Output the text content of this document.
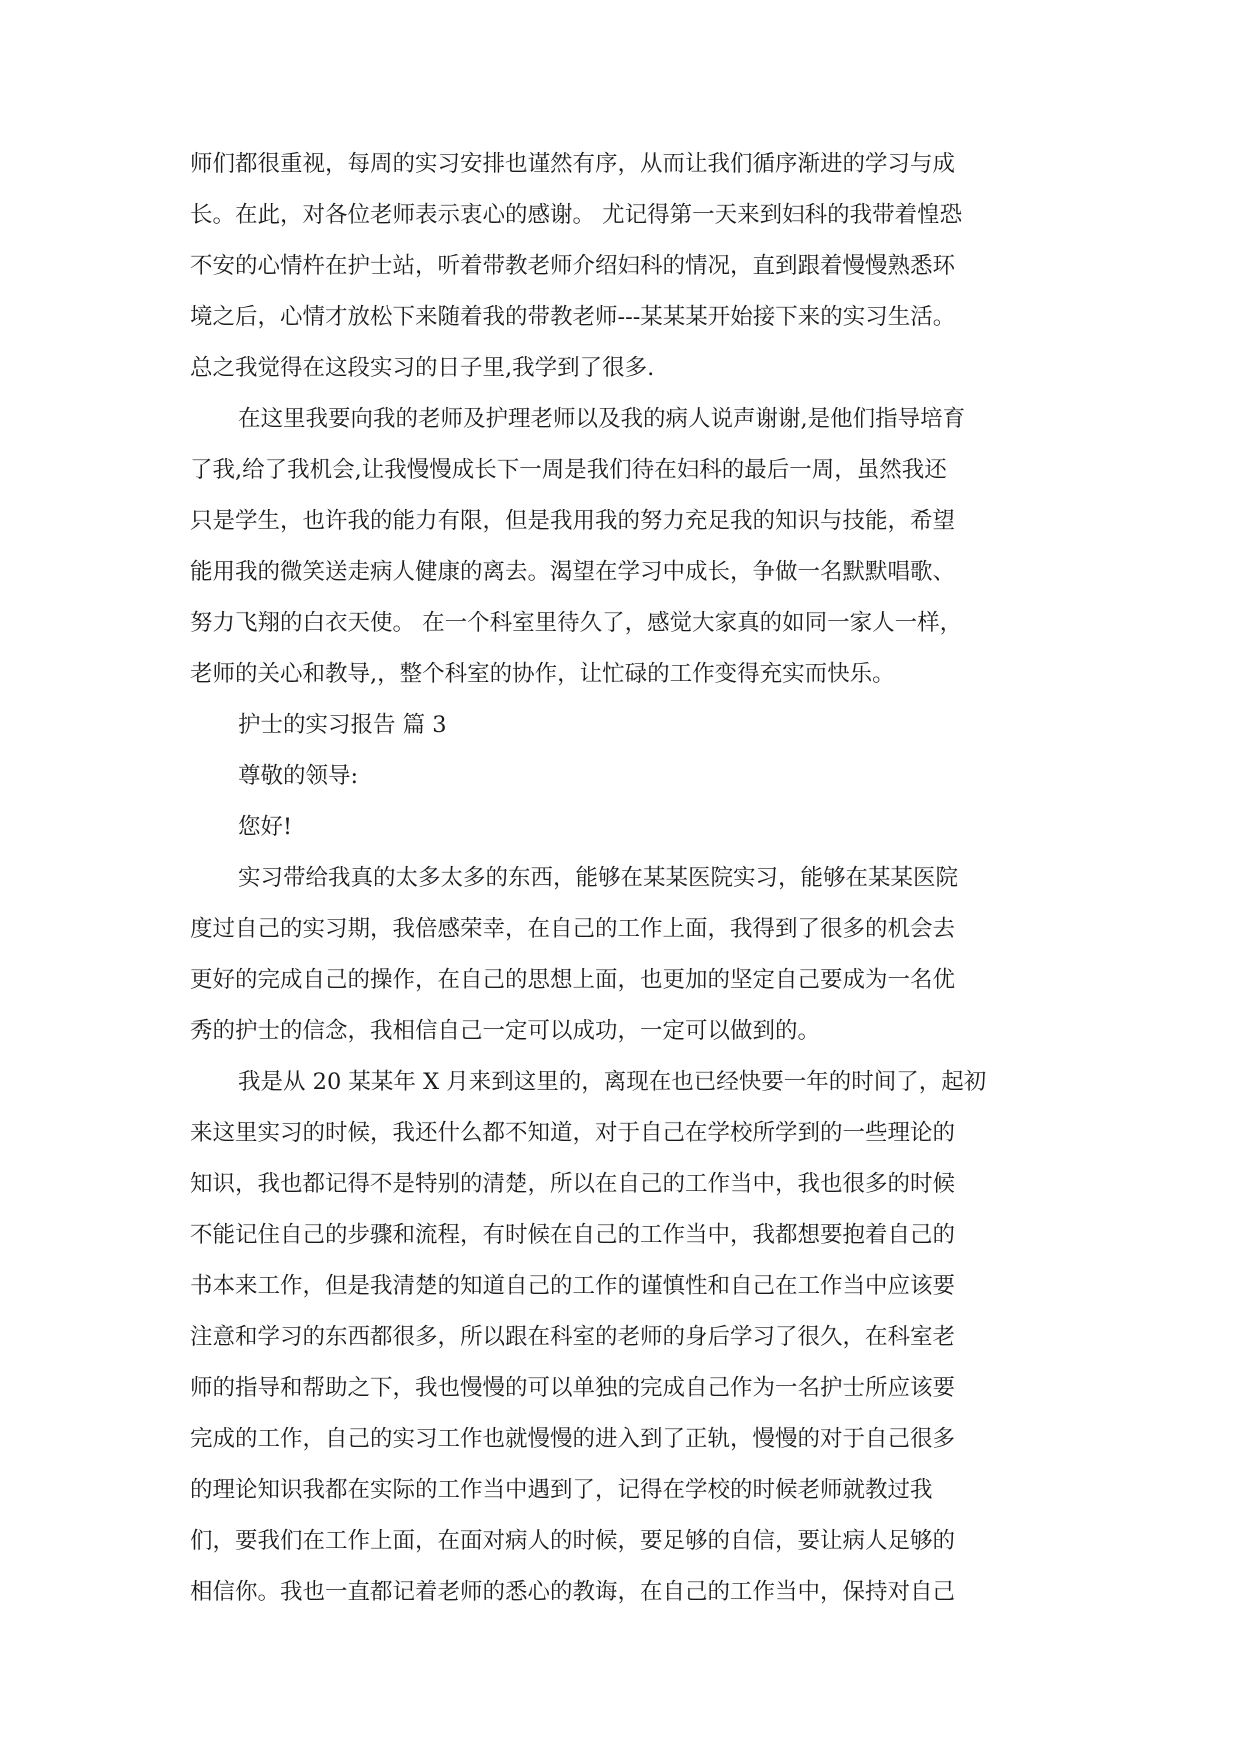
师们都很重视，每周的实习安排也谨然有序，从而让我们循序渐进的学习与成
长。在此，对各位老师表示衷心的感谢。 尤记得第一天来到妇科的我带着惶恐
不安的心情杵在护士站，听着带教老师介绍妇科的情况，直到跟着慢慢熟悉环
境之后，心情才放松下来随着我的带教老师---某某某开始接下来的实习生活。
总之我觉得在这段实习的日子里,我学到了很多.
在这里我要向我的老师及护理老师以及我的病人说声谢谢,是他们指导培育
了我,给了我机会,让我慢慢成长下一周是我们待在妇科的最后一周，虽然我还
只是学生，也许我的能力有限，但是我用我的努力充足我的知识与技能，希望
能用我的微笑送走病人健康的离去。渴望在学习中成长，争做一名默默唱歌、
努力飞翔的白衣天使。 在一个科室里待久了，感觉大家真的如同一家人一样，
老师的关心和教导,，整个科室的协作，让忙碌的工作变得充实而快乐。
护士的实习报告 篇 3
尊敬的领导:
您好!
实习带给我真的太多太多的东西，能够在某某医院实习，能够在某某医院
度过自己的实习期，我倍感荣幸，在自己的工作上面，我得到了很多的机会去
更好的完成自己的操作，在自己的思想上面，也更加的坚定自己要成为一名优
秀的护士的信念，我相信自己一定可以成功，一定可以做到的。
我是从 20 某某年 X 月来到这里的，离现在也已经快要一年的时间了，起初
来这里实习的时候，我还什么都不知道，对于自己在学校所学到的一些理论的
知识，我也都记得不是特别的清楚，所以在自己的工作当中，我也很多的时候
不能记住自己的步骤和流程，有时候在自己的工作当中，我都想要抱着自己的
书本来工作，但是我清楚的知道自己的工作的谨慎性和自己在工作当中应该要
注意和学习的东西都很多，所以跟在科室的老师的身后学习了很久，在科室老
师的指导和帮助之下，我也慢慢的可以单独的完成自己作为一名护士所应该要
完成的工作，自己的实习工作也就慢慢的进入到了正轨，慢慢的对于自己很多
的理论知识我都在实际的工作当中遇到了，记得在学校的时候老师就教过我
们，要我们在工作上面，在面对病人的时候，要足够的自信，要让病人足够的
相信你。我也一直都记着老师的悉心的教诲，在自己的工作当中，保持对自己
